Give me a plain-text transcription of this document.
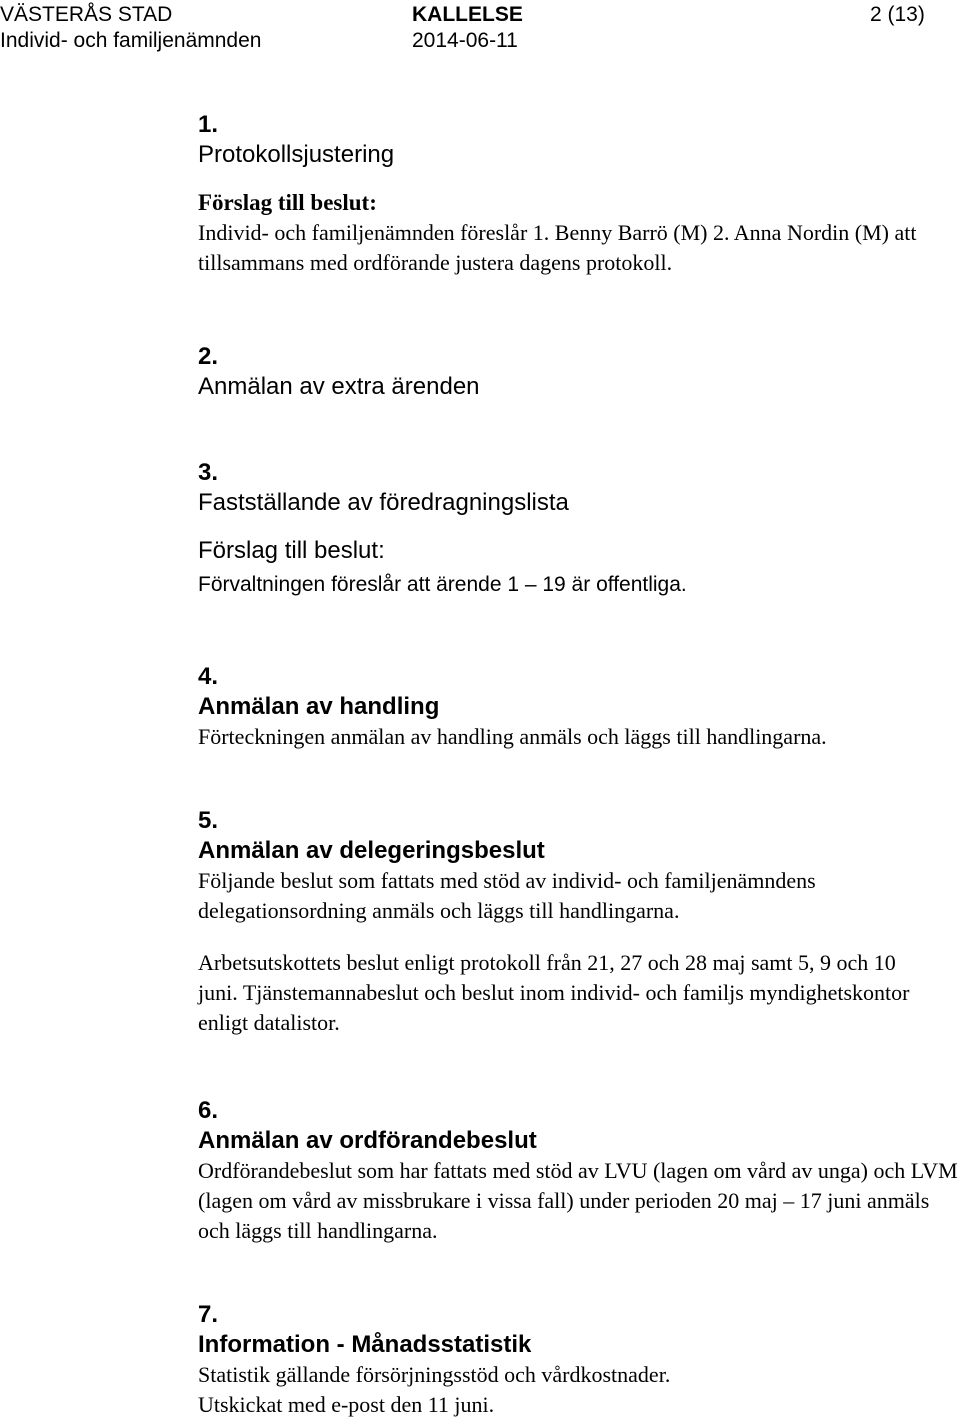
VÄSTERÅS STAD
Individ- och familjenämnden
KALLELSE
2014-06-11
2 (13)
1.
Protokollsjustering
Förslag till beslut:

Individ- och familjenämnden föreslår 1. Benny Barrö (M) 2. Anna Nordin (M) att tillsammans med ordförande justera dagens protokoll.

2.
Anmälan av extra ärenden
3.
Fastställande av föredragningslista
Förslag till beslut:

Förvaltningen föreslår att ärende 1 – 19 är offentliga.

4.
Anmälan av handling

Förteckningen anmälan av handling anmäls och läggs till handlingarna.

5.
Anmälan av delegeringsbeslut

Följande beslut som fattats med stöd av individ- och familjenämndens delegationsordning anmäls och läggs till handlingarna.

Arbetsutskottets beslut enligt protokoll från 21, 27 och 28 maj samt 5, 9 och 10 juni. Tjänstemannabeslut och beslut inom individ- och familjs myndighetskontor enligt datalistor.

6.
Anmälan av ordförandebeslut

Ordförandebeslut som har fattats med stöd av LVU (lagen om vård av unga) och LVM (lagen om vård av missbrukare i vissa fall) under perioden 20 maj – 17 juni anmäls och läggs till handlingarna.

7.
Information - Månadsstatistik

Statistik gällande försörjningsstöd och vårdkostnader.

Utskickat med e-post den 11 juni.
